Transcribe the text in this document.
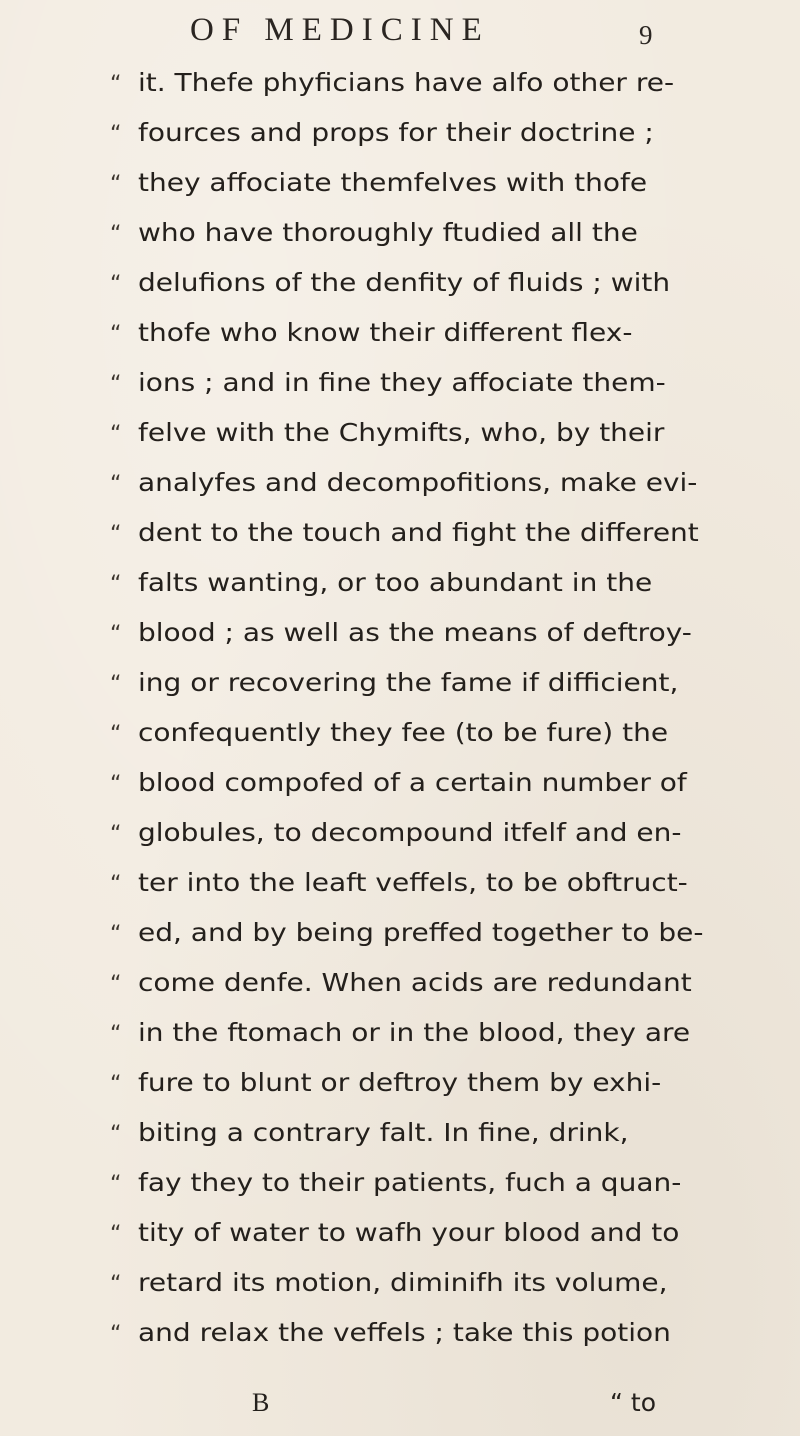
OF MEDICINE	9
“ it. Thefe phyficians have alfo other re-
“ fources and props for their doctrine ;
“ they affociate themfelves with thofe
“ who have thoroughly ftudied all the
“ delufions of the denfity of fluids ; with
“ thofe who know their different flex-
“ ions ; and in fine they affociate them-
“ felve with the Chymifts, who, by their
“ analyfes and decompofitions, make evi-
“ dent to the touch and fight the different
“ falts wanting, or too abundant in the
“ blood ; as well as the means of deftroy-
“ ing or recovering the fame if difficient,
“ confequently they fee (to be fure) the
“ blood compofed of a certain number of
“ globules, to decompound itfelf and en-
“ ter into the leaft veffels, to be obftruct-
“ ed, and by being preffed together to be-
“ come denfe. When acids are redundant
“ in the ftomach or in the blood, they are
“ fure to blunt or deftroy them by exhi-
“ biting a contrary falt. In fine, drink,
“ fay they to their patients, fuch a quan-
“ tity of water to wafh your blood and to
“ retard its motion, diminifh its volume,
“ and relax the veffels ; take this potion
B	“ to
